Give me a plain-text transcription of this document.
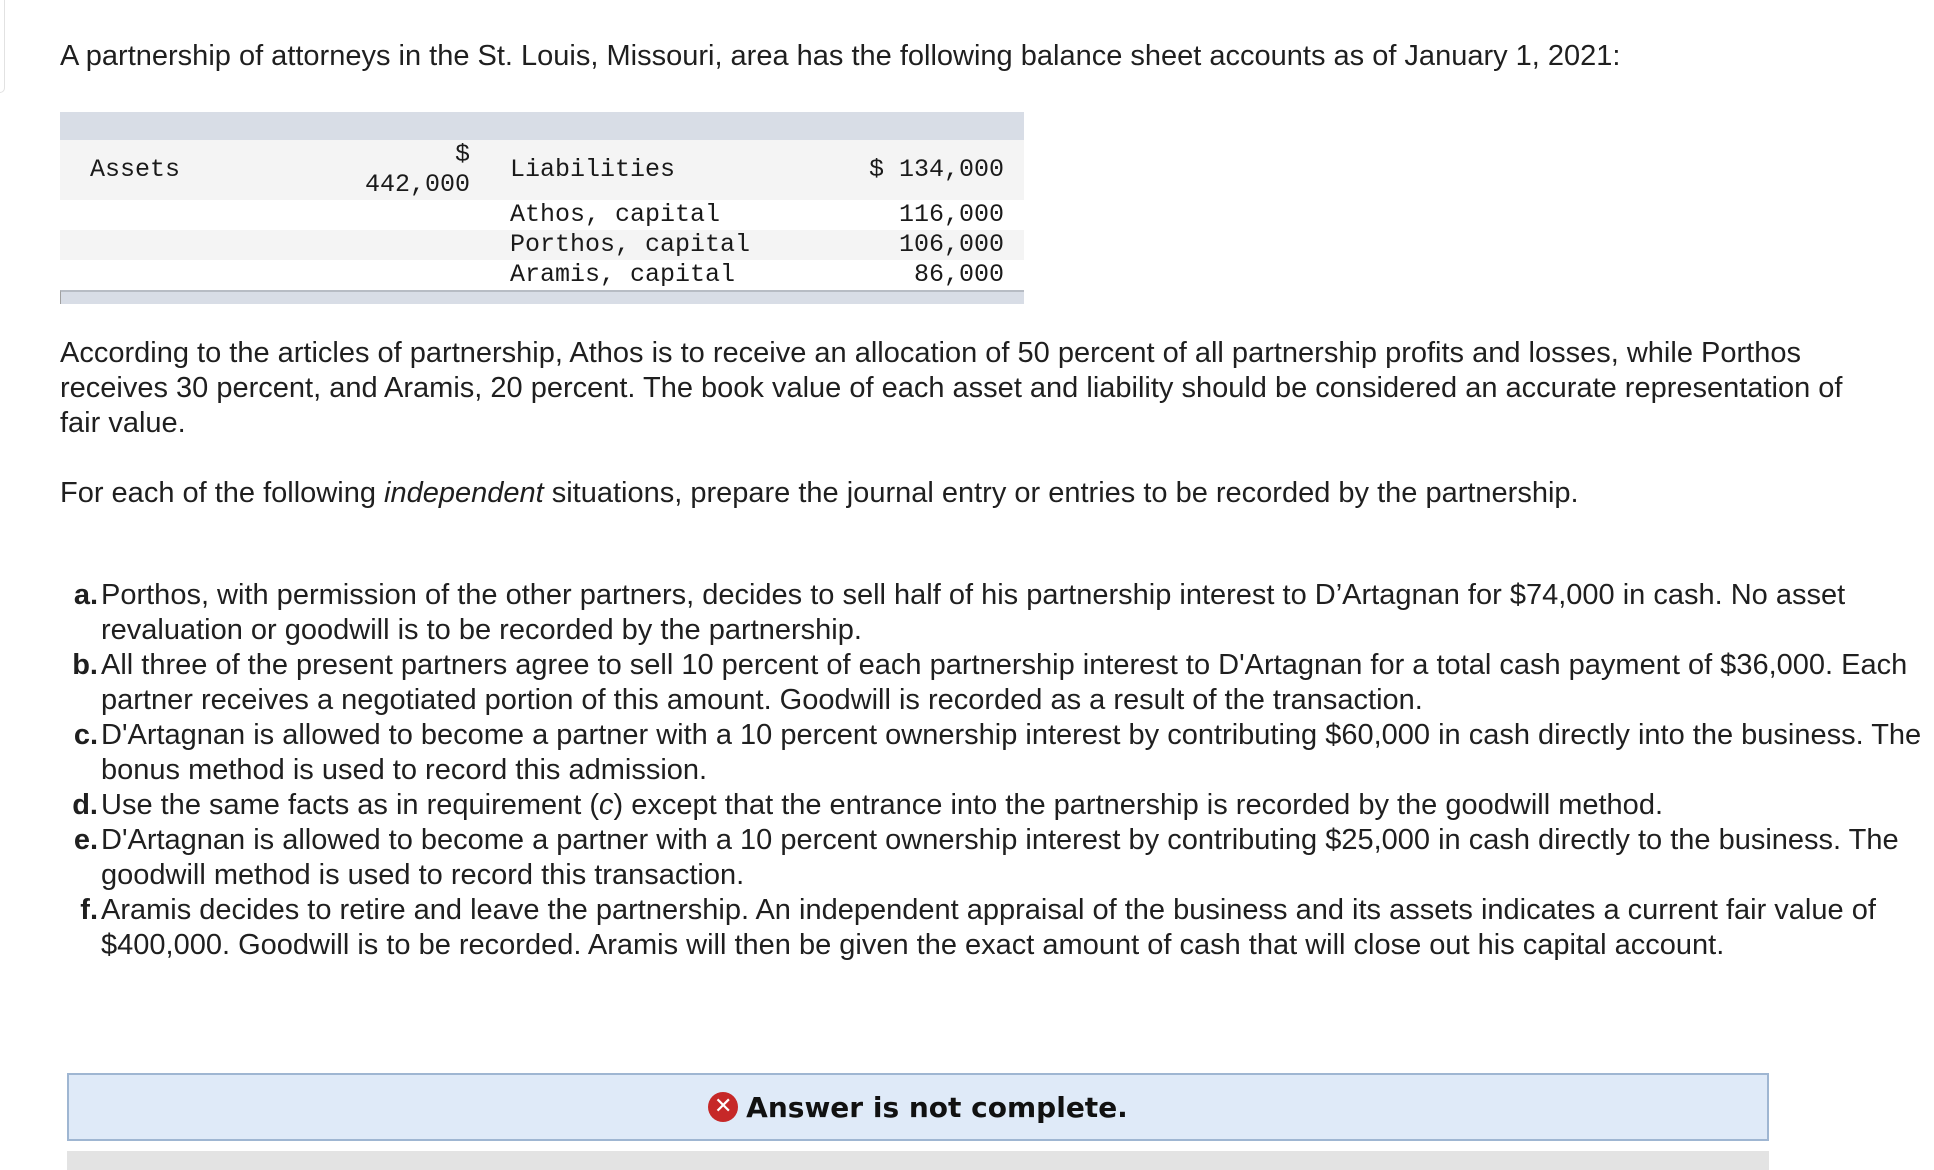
A partnership of attorneys in the St. Louis, Missouri, area has the following balance sheet accounts as of January 1, 2021:

Assets	$ 442,000		Liabilities	$ 134,000
			Athos, capital	116,000
			Porthos, capital	106,000
			Aramis, capital	86,000

According to the articles of partnership, Athos is to receive an allocation of 50 percent of all partnership profits and losses, while Porthos receives 30 percent, and Aramis, 20 percent. The book value of each asset and liability should be considered an accurate representation of fair value.

For each of the following independent situations, prepare the journal entry or entries to be recorded by the partnership.

a. Porthos, with permission of the other partners, decides to sell half of his partnership interest to D’Artagnan for $74,000 in cash. No asset revaluation or goodwill is to be recorded by the partnership.
b. All three of the present partners agree to sell 10 percent of each partnership interest to D'Artagnan for a total cash payment of $36,000. Each partner receives a negotiated portion of this amount. Goodwill is recorded as a result of the transaction.
c. D'Artagnan is allowed to become a partner with a 10 percent ownership interest by contributing $60,000 in cash directly into the business. The bonus method is used to record this admission.
d. Use the same facts as in requirement (c) except that the entrance into the partnership is recorded by the goodwill method.
e. D'Artagnan is allowed to become a partner with a 10 percent ownership interest by contributing $25,000 in cash directly to the business. The goodwill method is used to record this transaction.
f. Aramis decides to retire and leave the partnership. An independent appraisal of the business and its assets indicates a current fair value of $400,000. Goodwill is to be recorded. Aramis will then be given the exact amount of cash that will close out his capital account.
✕ Answer is not complete.
